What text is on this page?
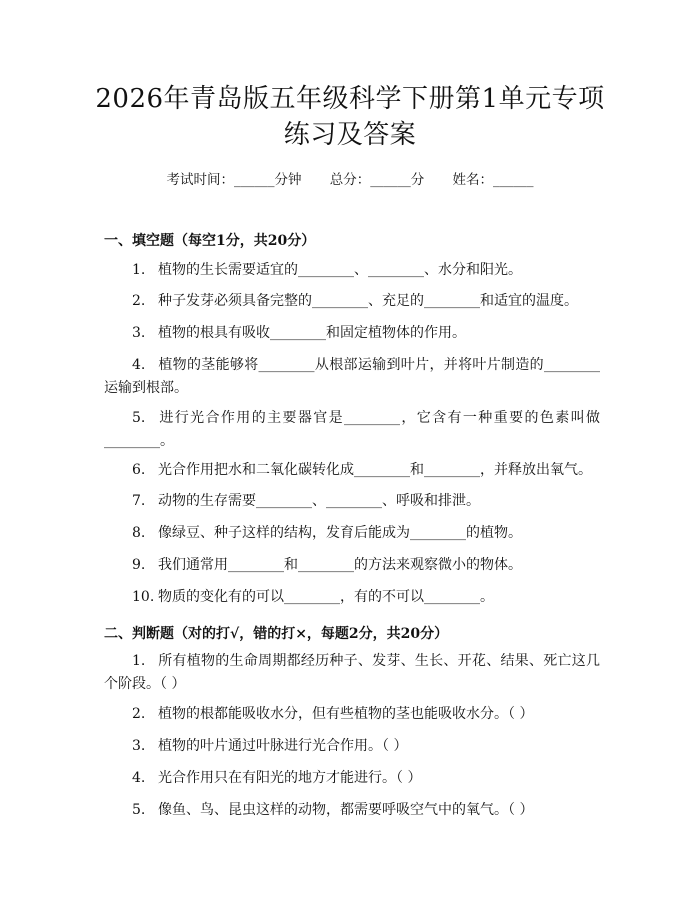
2026年青岛版五年级科学下册第1单元专项
练习及答案
考试时间：______分钟 总分：______分 姓名：______
一、填空题（每空1分，共20分）
1. 植物的生长需要适宜的________、________、水分和阳光。
2. 种子发芽必须具备完整的________、充足的________和适宜的温度。
3. 植物的根具有吸收________和固定植物体的作用。
4. 植物的茎能够将________从根部运输到叶片，并将叶片制造的________运输到根部。
5. 进行光合作用的主要器官是________，它含有一种重要的色素叫做________。
6. 光合作用把水和二氧化碳转化成________和________，并释放出氧气。
7. 动物的生存需要________、________、呼吸和排泄。
8. 像绿豆、种子这样的结构，发育后能成为________的植物。
9. 我们通常用________和________的方法来观察微小的物体。
10. 物质的变化有的可以________，有的不可以________。
二、判断题（对的打√，错的打×，每题2分，共20分）
1. 所有植物的生命周期都经历种子、发芽、生长、开花、结果、死亡这几个阶段。（ ）
2. 植物的根都能吸收水分，但有些植物的茎也能吸收水分。（ ）
3. 植物的叶片通过叶脉进行光合作用。（ ）
4. 光合作用只在有阳光的地方才能进行。（ ）
5. 像鱼、鸟、昆虫这样的动物，都需要呼吸空气中的氧气。（ ）
